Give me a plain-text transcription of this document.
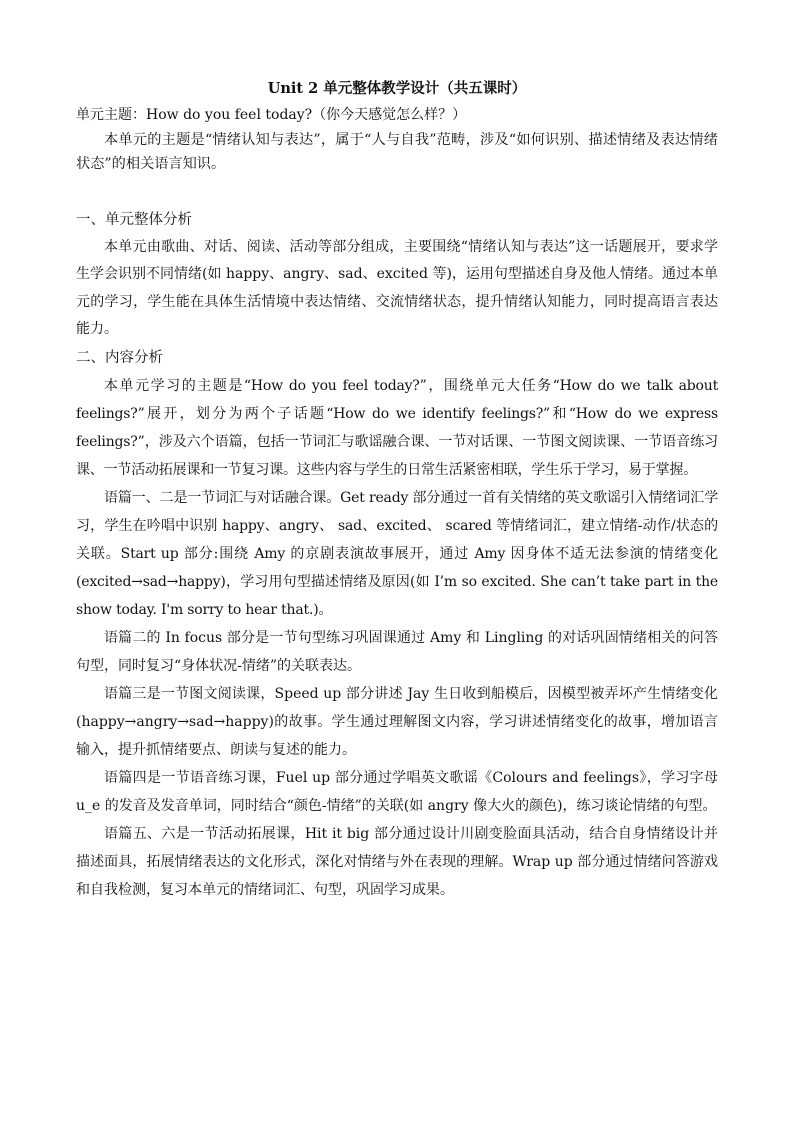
Unit 2 单元整体教学设计（共五课时）
单元主题：How do you feel today?（你今天感觉怎么样？）

本单元的主题是“情绪认知与表达”，属于“人与自我”范畴，涉及“如何识别、描述情绪及表达情绪状态”的相关语言知识。

一、单元整体分析

本单元由歌曲、对话、阅读、活动等部分组成，主要围绕“情绪认知与表达”这一话题展开，要求学生学会识别不同情绪(如 happy、angry、sad、excited 等)，运用句型描述自身及他人情绪。通过本单元的学习，学生能在具体生活情境中表达情绪、交流情绪状态，提升情绪认知能力，同时提高语言表达能力。

二、内容分析

本单元学习的主题是“How do you feel today?”，围绕单元大任务“How do we talk about feelings?”展开，划分为两个子话题“How do we identify feelings?”和“How do we express feelings?”，涉及六个语篇，包括一节词汇与歌谣融合课、一节对话课、一节图文阅读课、一节语音练习课、一节活动拓展课和一节复习课。这些内容与学生的日常生活紧密相联，学生乐于学习，易于掌握。

语篇一、二是一节词汇与对话融合课。Get ready 部分通过一首有关情绪的英文歌谣引入情绪词汇学习，学生在吟唱中识别 happy、angry、 sad、excited、 scared 等情绪词汇，建立情绪-动作/状态的关联。Start up 部分:围绕 Amy 的京剧表演故事展开，通过 Amy 因身体不适无法参演的情绪变化(excited→sad→happy)，学习用句型描述情绪及原因(如 I’m so excited. She can’t take part in the show today. I'm sorry to hear that.)。

语篇二的 In focus 部分是一节句型练习巩固课通过 Amy 和 Lingling 的对话巩固情绪相关的问答句型，同时复习“身体状况-情绪”的关联表达。

语篇三是一节图文阅读课，Speed up 部分讲述 Jay 生日收到船模后，因模型被弄坏产生情绪变化(happy→angry→sad→happy)的故事。学生通过理解图文内容，学习讲述情绪变化的故事，增加语言输入，提升抓情绪要点、朗读与复述的能力。

语篇四是一节语音练习课，Fuel up 部分通过学唱英文歌谣《Colours and feelings》，学习字母 u_e 的发音及发音单词，同时结合“颜色-情绪”的关联(如 angry 像大火的颜色)，练习谈论情绪的句型。

语篇五、六是一节活动拓展课，Hit it big 部分通过设计川剧变脸面具活动，结合自身情绪设计并描述面具，拓展情绪表达的文化形式，深化对情绪与外在表现的理解。Wrap up 部分通过情绪问答游戏和自我检测，复习本单元的情绪词汇、句型，巩固学习成果。
